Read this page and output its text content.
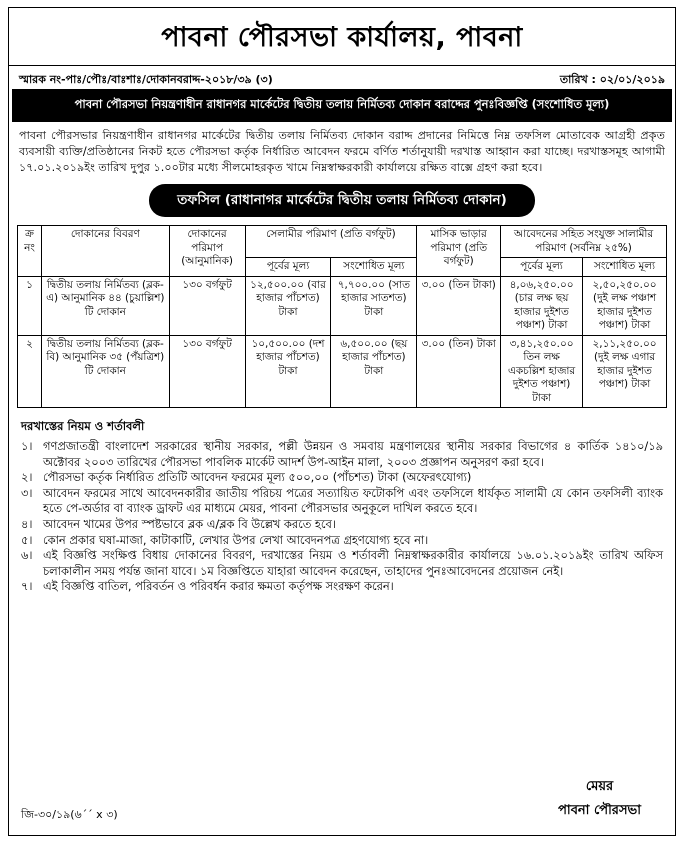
পাবনা পৌরসভা কার্যালয়, পাবনা
স্মারক নং-পাঃ/পৌঃ/বাঃশাঃ/দোকানবরাদ্দ-২০১৮/৩৯ (৩)	তারিখ : ০২/০১/২০১৯
পাবনা পৌরসভা নিয়ন্ত্রণাধীন রাধানগর মার্কেটের দ্বিতীয় তলায় নির্মিতব্য দোকান বরাদ্দের পুনঃবিজ্ঞপ্তি (সংশোধিত মূল্য)
পাবনা পৌরসভার নিয়ন্ত্রণাধীন রাধানগর মার্কেটের দ্বিতীয় তলায় নির্মিতব্য দোকান বরাদ্দ প্রদানের নিমিত্তে নিম্ন তফসিল মোতাবেক আগ্রহী প্রকৃত ব্যবসায়ী ব্যক্তি/প্রতিষ্ঠানের নিকট হতে পৌরসভা কর্তৃক নির্ধারিত আবেদন ফরমে বর্ণিত শর্তানুযায়ী দরখাস্ত আহ্বান করা যাচ্ছে। দরখাস্তসমূহ আগামী ১৭.০১.২০১৯ইং তারিখ দুপুর ১.০০টার মধ্যে সীলমোহরকৃত খামে নিম্নস্বাক্ষরকারী কার্যালয়ে রক্ষিত বাক্সে গ্রহণ করা হবে।
তফসিল (রাধানাগর মার্কেটের দ্বিতীয় তলায় নির্মিতব্য দোকান)
ক্র নং	দোকানের বিবরণ	দোকানের পরিমাপ (আনুমানিক)	সেলামীর পরিমাণ (প্রতি বর্গফুট)		মাসিক ভাড়ার পরিমাণ (প্রতি বর্গফুট)	আবেদনের সহিত সংযুক্ত সালামীর পরিমাণ (সর্বনিম্ন ২৫%)	
			পূর্বের মূল্য	সংশোধিত মূল্য		পূর্বের মূল্য	সংশোধিত মূল্য
১	দ্বিতীয় তলায় নির্মিতব্য (ব্লক-এ) আনুমানিক ৪৪ (চুয়াল্লিশ) টি দোকান	১৩০ বর্গফুট	১২,৫০০.০০ (বার হাজার পাঁচশত) টাকা	৭,৭০০.০০ (সাত হাজার সাতশত) টাকা	৩.০০ (তিন টাকা)	৪,০৬,২৫০.০০ (চার লক্ষ ছয় হাজার দুইশত পঞ্চাশ) টাকা	২,৫০,২৫০.০০ (দুই লক্ষ পঞ্চাশ হাজার দুইশত পঞ্চাশ) টাকা
২	দ্বিতীয় তলায় নির্মিতব্য (ব্লক-বি) আনুমানিক ৩৫ (পঁয়ত্রিশ) টি দোকান	১৩০ বর্গফুট	১০,৫০০.০০ (দশ হাজার পাঁচশত) টাকা	৬,৫০০.০০ (ছয় হাজার পাঁচশত) টাকা	৩.০০ (তিন) টাকা	৩,৪১,২৫০.০০ তিন লক্ষ একচল্লিশ হাজার দুইশত পঞ্চাশ) টাকা	২,১১,২৫০.০০ (দুই লক্ষ এগার হাজার দুইশত পঞ্চাশ) টাকা
দরখাস্তের নিয়ম ও শর্তাবলী
১। গণপ্রজাতন্ত্রী বাংলাদেশ সরকারের স্থানীয় সরকার, পল্লী উন্নয়ন ও সমবায় মন্ত্রণালয়ের স্থানীয় সরকার বিভাগের ৪ কার্তিক ১৪১০/১৯ অক্টোবর ২০০৩ তারিখের পৌরসভা পাবলিক মার্কেট আদর্শ উপ-আইন মালা, ২০০৩ প্রজ্ঞাপন অনুসরণ করা হবে।
২। পৌরসভা কর্তৃক নির্ধারিত প্রতিটি আবেদন ফরমের মূল্য ৫০০,০০ (পাঁচশত) টাকা (অফেরৎযোগ্য)
৩। আবেদন ফরমের সাথে আবেদনকারীর জাতীয় পরিচয় পত্রের সত্যায়িত ফটোকপি এবং তফসিলে ধার্যকৃত সালামী যে কোন তফসিলী ব্যাংক হতে পে-অর্ডার বা ব্যাংক ড্রাফট এর মাধ্যমে মেয়র, পাবনা পৌরসভার অনুকূলে দাখিল করতে হবে।
৪। আবেদন খামের উপর স্পষ্টভাবে ব্লক এ/ব্লক বি উল্লেখ করতে হবে।
৫। কোন প্রকার ঘষা-মাজা, কাটাকাটি, লেখার উপর লেখা আবেদনপত্র গ্রহণযোগ্য হবে না।
৬। এই বিজ্ঞপ্তি সংক্ষিপ্ত বিধায় দোকানের বিবরণ, দরখাস্তের নিয়ম ও শর্তাবলী নিম্নস্বাক্ষরকারীর কার্যালয়ে ১৬.০১.২০১৯ইং তারিখ অফিস চলাকালীন সময় পর্যন্ত জানা যাবে। ১ম বিজ্ঞপ্তিতে যাহারা আবেদন করেছেন, তাহাদের পুনঃআবেদনের প্রয়োজন নেই।
৭। এই বিজ্ঞপ্তি বাতিল, পরিবর্তন ও পরিবর্ধন করার ক্ষমতা কর্তৃপক্ষ সংরক্ষণ করেন।
মেয়র
পাবনা পৌরসভা
জি-৩০/১৯(৬´´ x ৩)
